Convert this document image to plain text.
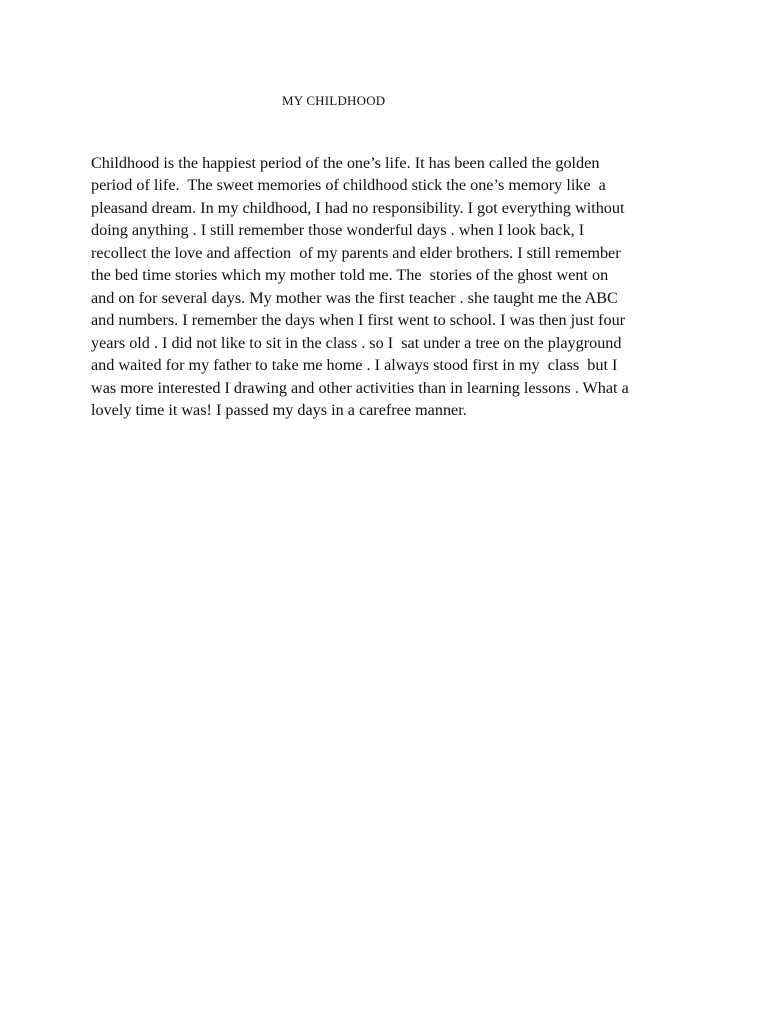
MY CHILDHOOD

Childhood is the happiest period of the one’s life. It has been called the golden
period of life.  The sweet memories of childhood stick the one’s memory like  a
pleasand dream. In my childhood, I had no responsibility. I got everything without
doing anything . I still remember those wonderful days . when I look back, I
recollect the love and affection  of my parents and elder brothers. I still remember
the bed time stories which my mother told me. The  stories of the ghost went on
and on for several days. My mother was the first teacher . she taught me the ABC
and numbers. I remember the days when I first went to school. I was then just four
years old . I did not like to sit in the class . so I  sat under a tree on the playground
and waited for my father to take me home . I always stood first in my  class  but I
was more interested I drawing and other activities than in learning lessons . What a
lovely time it was! I passed my days in a carefree manner.
